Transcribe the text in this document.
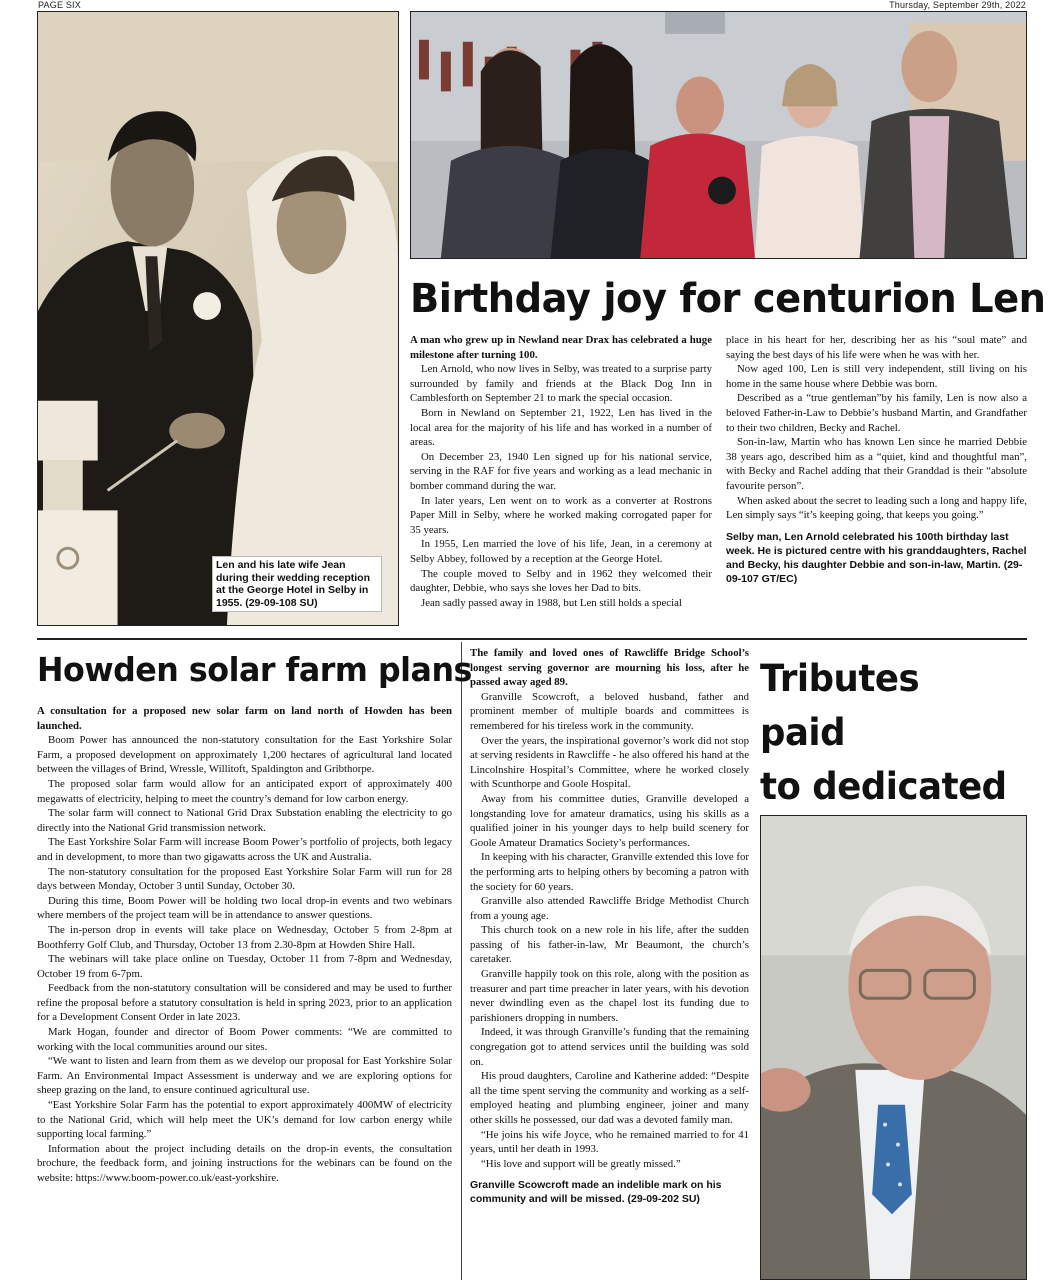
PAGE SIX	Thursday, September 29th, 2022
Len and his late wife Jean during their wedding reception at the George Hotel in Selby in 1955. (29-09-108 SU)
Birthday joy for centurion Len

A man who grew up in Newland near Drax has celebrated a huge milestone after turning 100.

Len Arnold, who now lives in Selby, was treated to a surprise party surrounded by family and friends at the Black Dog Inn in Camblesforth on September 21 to mark the special occasion.

Born in Newland on September 21, 1922, Len has lived in the local area for the majority of his life and has worked in a number of areas.

On December 23, 1940 Len signed up for his national service, serving in the RAF for five years and working as a lead mechanic in bomber command during the war.

In later years, Len went on to work as a converter at Rostrons Paper Mill in Selby, where he worked making corrogated paper for 35 years.

In 1955, Len married the love of his life, Jean, in a ceremony at Selby Abbey, followed by a reception at the George Hotel.

The couple moved to Selby and in 1962 they welcomed their daughter, Debbie, who says she loves her Dad to bits.

Jean sadly passed away in 1988, but Len still holds a special

place in his heart for her, describing her as his “soul mate” and saying the best days of his life were when he was with her.

Now aged 100, Len is still very independent, still living on his home in the same house where Debbie was born.

Described as a “true gentleman”by his family, Len is now also a beloved Father-in-Law to Debbie’s husband Martin, and Grandfather to their two children, Becky and Rachel.

Son-in-law, Martin who has known Len since he married Debbie 38 years ago, described him as a “quiet, kind and thoughtful man”, with Becky and Rachel adding that their Granddad is their “absolute favourite person”.

When asked about the secret to leading such a long and happy life, Len simply says “it’s keeping going, that keeps you going.”

Selby man, Len Arnold celebrated his 100th birthday last week. He is pictured centre with his granddaughters, Rachel and Becky, his daughter Debbie and son-in-law, Martin. (29-09-107 GT/EC)

Howden solar farm plans

A consultation for a proposed new solar farm on land north of Howden has been launched.

Boom Power has announced the non-statutory consultation for the East Yorkshire Solar Farm, a proposed development on approximately 1,200 hectares of agricultural land located between the villages of Brind, Wressle, Willitoft, Spaldington and Gribthorpe.

The proposed solar farm would allow for an anticipated export of approximately 400 megawatts of electricity, helping to meet the country’s demand for low carbon energy.

The solar farm will connect to National Grid Drax Substation enabling the electricity to go directly into the National Grid transmission network.

The East Yorkshire Solar Farm will increase Boom Power’s portfolio of projects, both legacy and in development, to more than two gigawatts across the UK and Australia.

The non-statutory consultation for the proposed East Yorkshire Solar Farm will run for 28 days between Monday, October 3 until Sunday, October 30.

During this time, Boom Power will be holding two local drop-in events and two webinars where members of the project team will be in attendance to answer questions.

The in-person drop in events will take place on Wednesday, October 5 from 2-8pm at Boothferry Golf Club, and Thursday, October 13 from 2.30-8pm at Howden Shire Hall.

The webinars will take place online on Tuesday, October 11 from 7-8pm and Wednesday, October 19 from 6-7pm.

Feedback from the non-statutory consultation will be considered and may be used to further refine the proposal before a statutory consultation is held in spring 2023, prior to an application for a Development Consent Order in late 2023.

Mark Hogan, founder and director of Boom Power comments: “We are committed to working with the local communities around our sites.

“We want to listen and learn from them as we develop our proposal for East Yorkshire Solar Farm. An Environmental Impact Assessment is underway and we are exploring options for sheep grazing on the land, to ensure continued agricultural use.

“East Yorkshire Solar Farm has the potential to export approximately 400MW of electricity to the National Grid, which will help meet the UK’s demand for low carbon energy while supporting local farming.”

Information about the project including details on the drop-in events, the consultation brochure, the feedback form, and joining instructions for the webinars can be found on the website: https://www.boom-power.co.uk/east-yorkshire.

The family and loved ones of Rawcliffe Bridge School’s longest serving governor are mourning his loss, after he passed away aged 89.

Granville Scowcroft, a beloved husband, father and prominent member of multiple boards and committees is remembered for his tireless work in the community.

Over the years, the inspirational governor’s work did not stop at serving residents in Rawcliffe - he also offered his hand at the Lincolnshire Hospital’s Committee, where he worked closely with Scunthorpe and Goole Hospital.

Away from his committee duties, Granville developed a longstanding love for amateur dramatics, using his skills as a qualified joiner in his younger days to help build scenery for Goole Amateur Dramatics Society’s performances.

In keeping with his character, Granville extended this love for the performing arts to helping others by becoming a patron with the society for 60 years.

Granville also attended Rawcliffe Bridge Methodist Church from a young age.

This church took on a new role in his life, after the sudden passing of his father-in-law, Mr Beaumont, the church’s caretaker.

Granville happily took on this role, along with the position as treasurer and part time preacher in later years, with his devotion never dwindling even as the chapel lost its funding due to parishioners dropping in numbers.

Indeed, it was through Granville’s funding that the remaining congregation got to attend services until the building was sold on.

His proud daughters, Caroline and Katherine added: “Despite all the time spent serving the community and working as a self-employed heating and plumbing engineer, joiner and many other skills he possessed, our dad was a devoted family man.

“He joins his wife Joyce, who he remained married to for 41 years, until her death in 1993.

“His love and support will be greatly missed.”

Granville Scowcroft made an indelible mark on his community and will be missed. (29-09-202 SU)

Tributes paid
to dedicated
